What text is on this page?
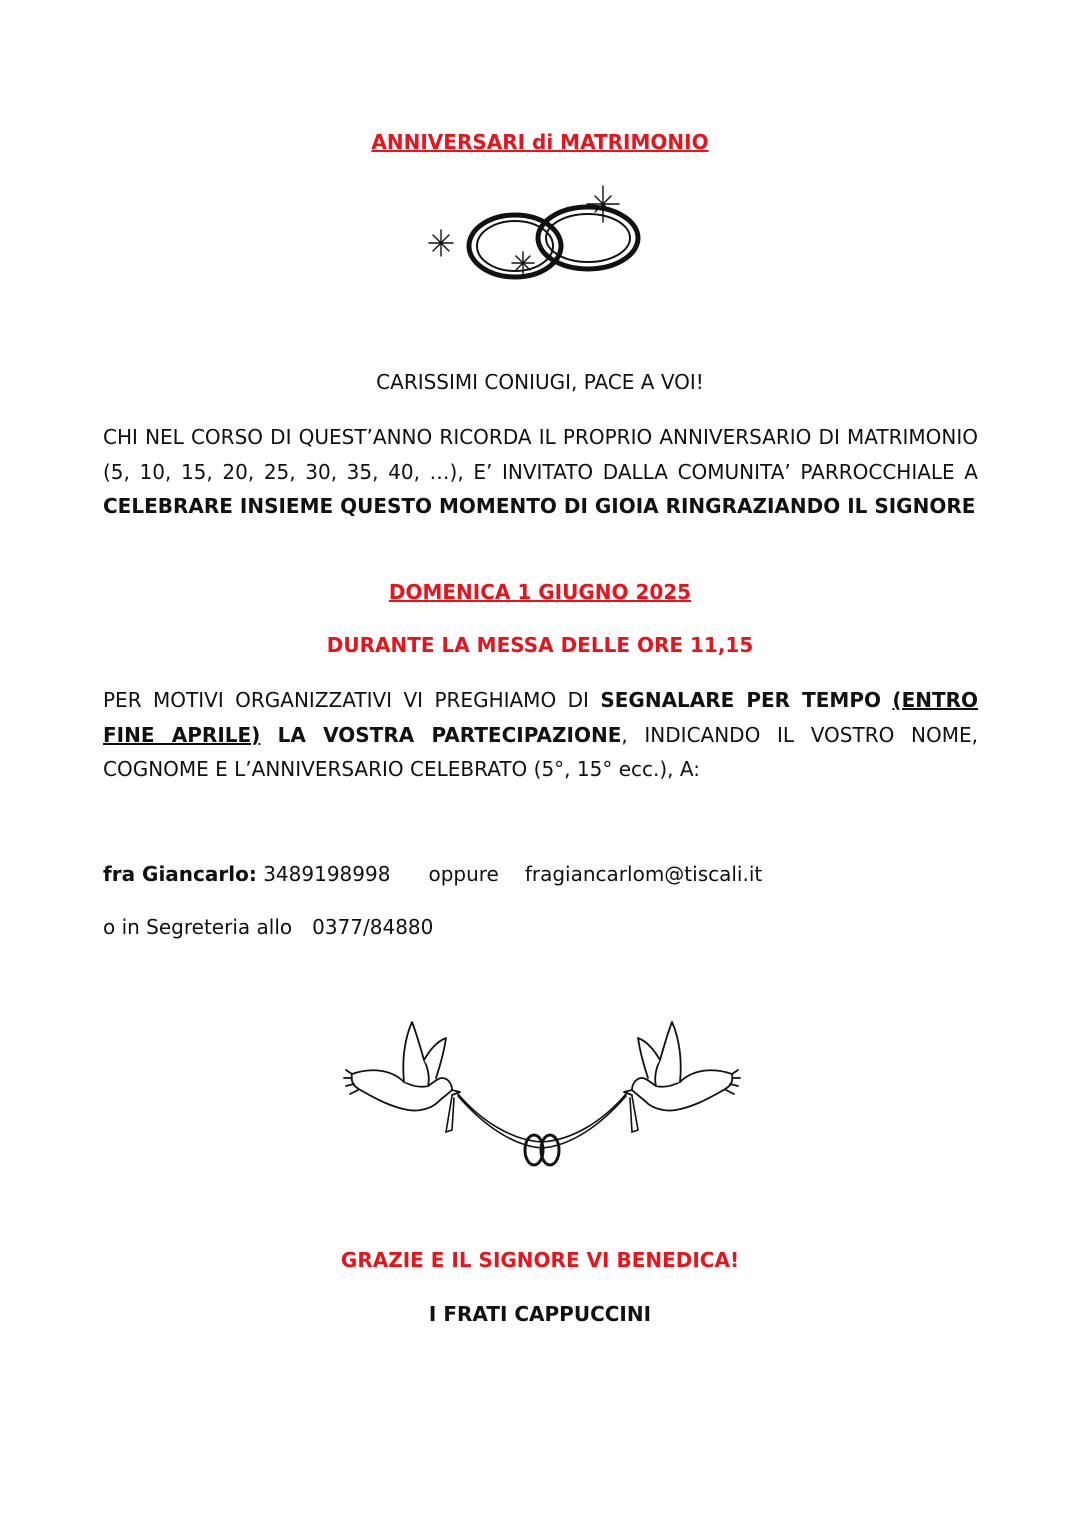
ANNIVERSARI di MATRIMONIO
CARISSIMI CONIUGI, PACE A VOI!
CHI NEL CORSO DI QUEST’ANNO RICORDA IL PROPRIO ANNIVERSARIO DI MATRIMONIO (5, 10, 15, 20, 25, 30, 35, 40, …), E’ INVITATO DALLA COMUNITA’ PARROCCHIALE A CELEBRARE INSIEME QUESTO MOMENTO DI GIOIA RINGRAZIANDO IL SIGNORE
DOMENICA 1 GIUGNO 2025
DURANTE LA MESSA DELLE ORE 11,15
PER MOTIVI ORGANIZZATIVI VI PREGHIAMO DI SEGNALARE PER TEMPO (ENTRO FINE APRILE) LA VOSTRA PARTECIPAZIONE, INDICANDO IL VOSTRO NOME, COGNOME E L’ANNIVERSARIO CELEBRATO (5°, 15° ecc.), A:
fra Giancarlo: 3489198998 oppure fragiancarlom@tiscali.it
o in Segreteria allo 0377/84880
GRAZIE E IL SIGNORE VI BENEDICA!
I FRATI CAPPUCCINI
